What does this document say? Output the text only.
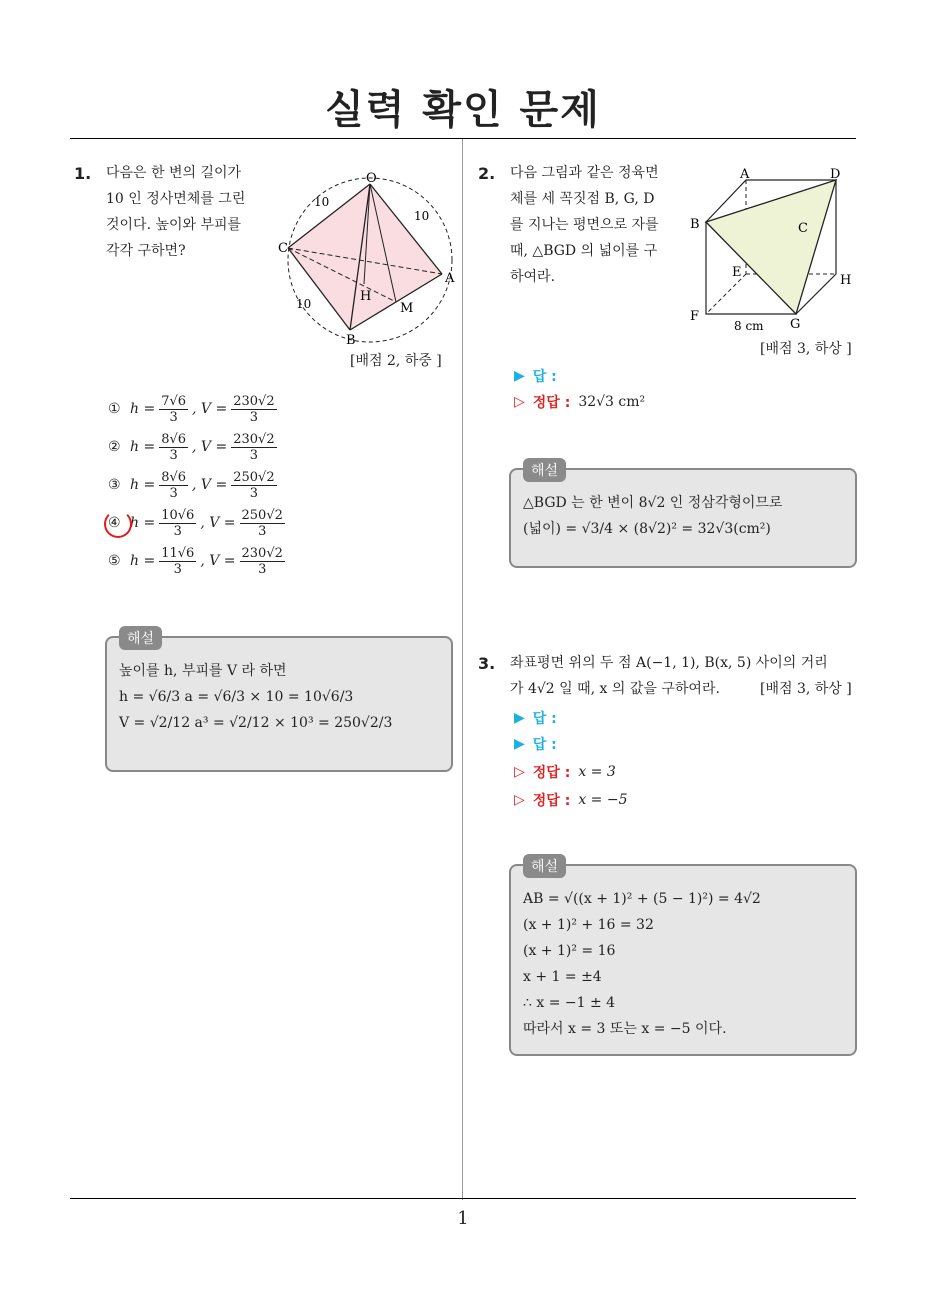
실력 확인 문제
1. 다음은 한 변의 길이가
10 인 정사면체를 그린
것이다. 높이와 부피를
각각 구하면?
O
A
B
C
H
M
10
10
10
[배점 2, 하중 ]
① $h = \frac{7√6}{3}$ , $V = \frac{230√2}{3}$
② $h = \frac{8√6}{3}$ , $V = \frac{230√2}{3}$
③ $h = \frac{8√6}{3}$ , $V = \frac{250√2}{3}$
④ $h = \frac{10√6}{3}$ , $V = \frac{250√2}{3}$
⑤ $h = \frac{11√6}{3}$ , $V = \frac{230√2}{3}$
해설
높이를 h, 부피를 V 라 하면
h = √6/3 a = √6/3 × 10 = 10√6/3
V = √2/12 a³ = √2/12 × 10³ = 250√2/3
2. 다음 그림과 같은 정육면
체를 세 꼭짓점 B, G, D
를 지나는 평면으로 자를
때, △BGD 의 넓이를 구
하여라.
A
B	C
D
E
F
G
H
8 cm
[배점 3, 하상 ]
▶ 답 :
▷ 정답 : 32√3 cm²
해설
△BGD 는 한 변이 8√2 인 정삼각형이므로
(넓이) = √3/4 × (8√2)² = 32√3(cm²)
3. 좌표평면 위의 두 점 A(−1, 1), B(x, 5) 사이의 거리
가 4√2 일 때, x 의 값을 구하여라.	[배점 3, 하상 ]
▶ 답 :
▶ 답 :
▷ 정답 : x = 3
▷ 정답 : x = −5
해설
AB = √((x + 1)² + (5 − 1)²) = 4√2
(x + 1)² + 16 = 32
(x + 1)² = 16
x + 1 = ±4
∴ x = −1 ± 4
따라서 x = 3 또는 x = −5 이다.
1
